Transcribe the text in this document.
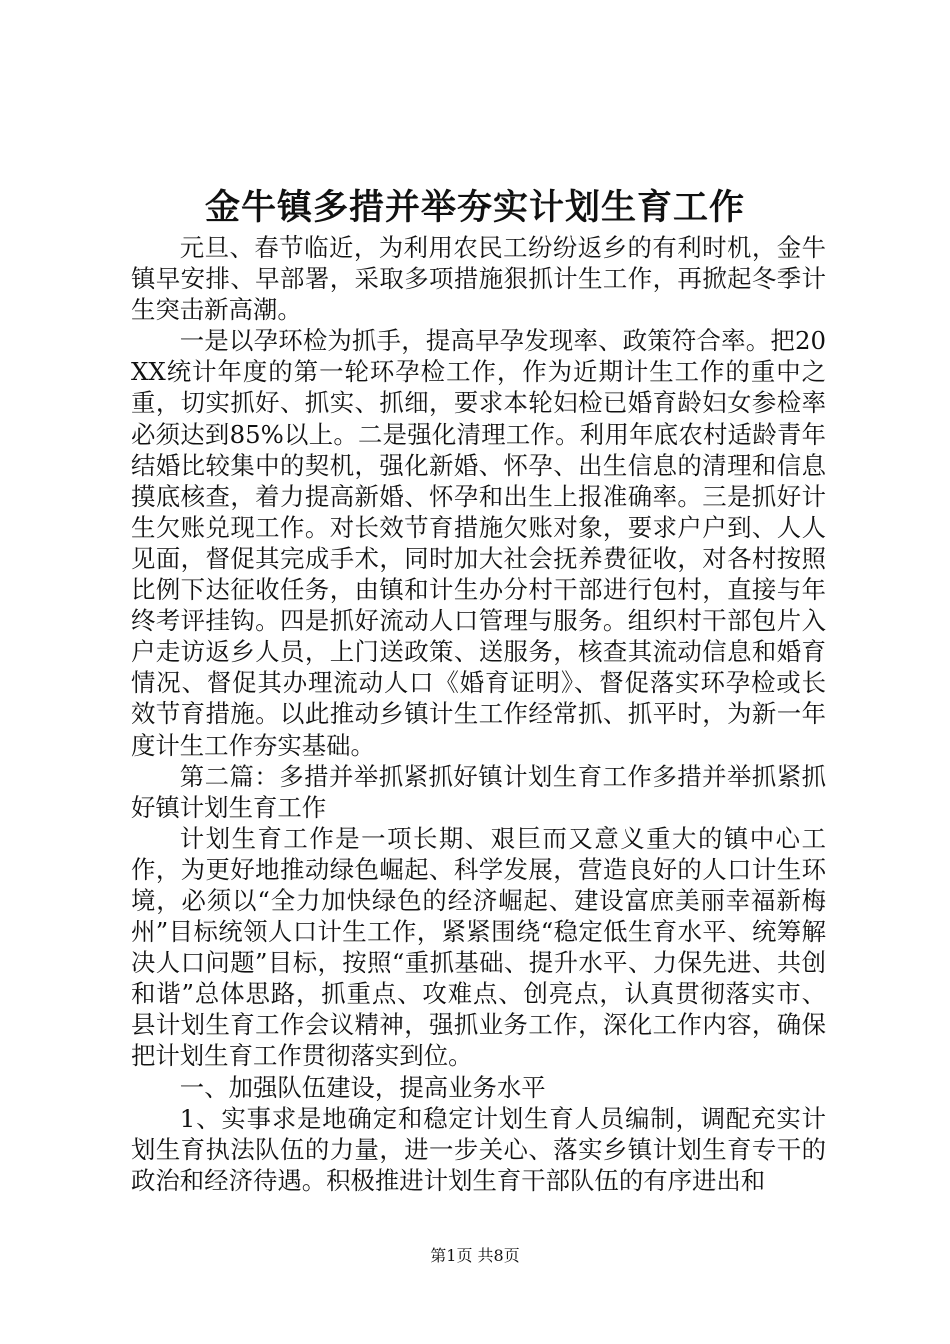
金牛镇多措并举夯实计划生育工作

元旦、春节临近，为利用农民工纷纷返乡的有利时机，金牛镇早安排、早部署，采取多项措施狠抓计生工作，再掀起冬季计生突击新高潮。

一是以孕环检为抓手，提高早孕发现率、政策符合率。把20XX统计年度的第一轮环孕检工作，作为近期计生工作的重中之重，切实抓好、抓实、抓细，要求本轮妇检已婚育龄妇女参检率必须达到85%以上。二是强化清理工作。利用年底农村适龄青年结婚比较集中的契机，强化新婚、怀孕、出生信息的清理和信息摸底核查，着力提高新婚、怀孕和出生上报准确率。三是抓好计生欠账兑现工作。对长效节育措施欠账对象，要求户户到、人人见面，督促其完成手术，同时加大社会抚养费征收，对各村按照比例下达征收任务，由镇和计生办分村干部进行包村，直接与年终考评挂钩。四是抓好流动人口管理与服务。组织村干部包片入户走访返乡人员，上门送政策、送服务，核查其流动信息和婚育情况、督促其办理流动人口《婚育证明》、督促落实环孕检或长效节育措施。以此推动乡镇计生工作经常抓、抓平时，为新一年度计生工作夯实基础。

第二篇：多措并举抓紧抓好镇计划生育工作多措并举抓紧抓好镇计划生育工作

计划生育工作是一项长期、艰巨而又意义重大的镇中心工作，为更好地推动绿色崛起、科学发展，营造良好的人口计生环境，必须以“全力加快绿色的经济崛起、建设富庶美丽幸福新梅州”目标统领人口计生工作，紧紧围绕“稳定低生育水平、统筹解决人口问题”目标，按照“重抓基础、提升水平、力保先进、共创和谐”总体思路，抓重点、攻难点、创亮点，认真贯彻落实市、县计划生育工作会议精神，强抓业务工作，深化工作内容，确保把计划生育工作贯彻落实到位。

一、加强队伍建设，提高业务水平

1、实事求是地确定和稳定计划生育人员编制，调配充实计划生育执法队伍的力量，进一步关心、落实乡镇计划生育专干的政治和经济待遇。积极推进计划生育干部队伍的有序进出和

第1页 共8页
